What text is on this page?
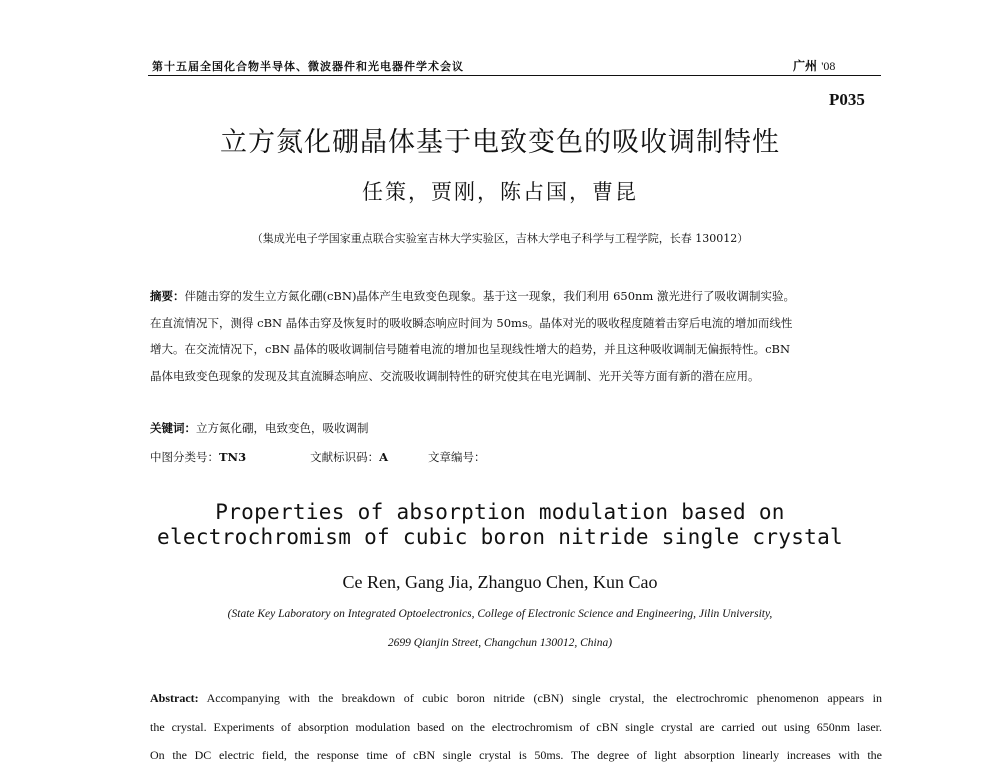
第十五届全国化合物半导体、微波器件和光电器件学术会议	广州 '08
P035
立方氮化硼晶体基于电致变色的吸收调制特性
任策，贾刚，陈占国，曹昆
（集成光电子学国家重点联合实验室吉林大学实验区，吉林大学电子科学与工程学院，长春 130012）
摘要：伴随击穿的发生立方氮化硼(cBN)晶体产生电致变色现象。基于这一现象，我们利用 650nm 激光进行了吸收调制实验。
在直流情况下，测得 cBN 晶体击穿及恢复时的吸收瞬态响应时间为 50ms。晶体对光的吸收程度随着击穿后电流的增加而线性
增大。在交流情况下，cBN 晶体的吸收调制信号随着电流的增加也呈现线性增大的趋势，并且这种吸收调制无偏振特性。cBN
晶体电致变色现象的发现及其直流瞬态响应、交流吸收调制特性的研究使其在电光调制、光开关等方面有新的潜在应用。
关键词：立方氮化硼，电致变色，吸收调制
中图分类号：TN3	文献标识码：A	文章编号：
Properties of absorption modulation based on
electrochromism of cubic boron nitride single crystal
Ce Ren, Gang Jia, Zhanguo Chen, Kun Cao
(State Key Laboratory on Integrated Optoelectronics, College of Electronic Science and Engineering, Jilin University,
2699 Qianjin Street, Changchun 130012, China)
Abstract: Accompanying with the breakdown of cubic boron nitride (cBN) single crystal, the electrochromic phenomenon appears in
the crystal. Experiments of absorption modulation based on the electrochromism of cBN single crystal are carried out using 650nm laser.
On the DC electric field, the response time of cBN single crystal is 50ms. The degree of light absorption linearly increases with the
